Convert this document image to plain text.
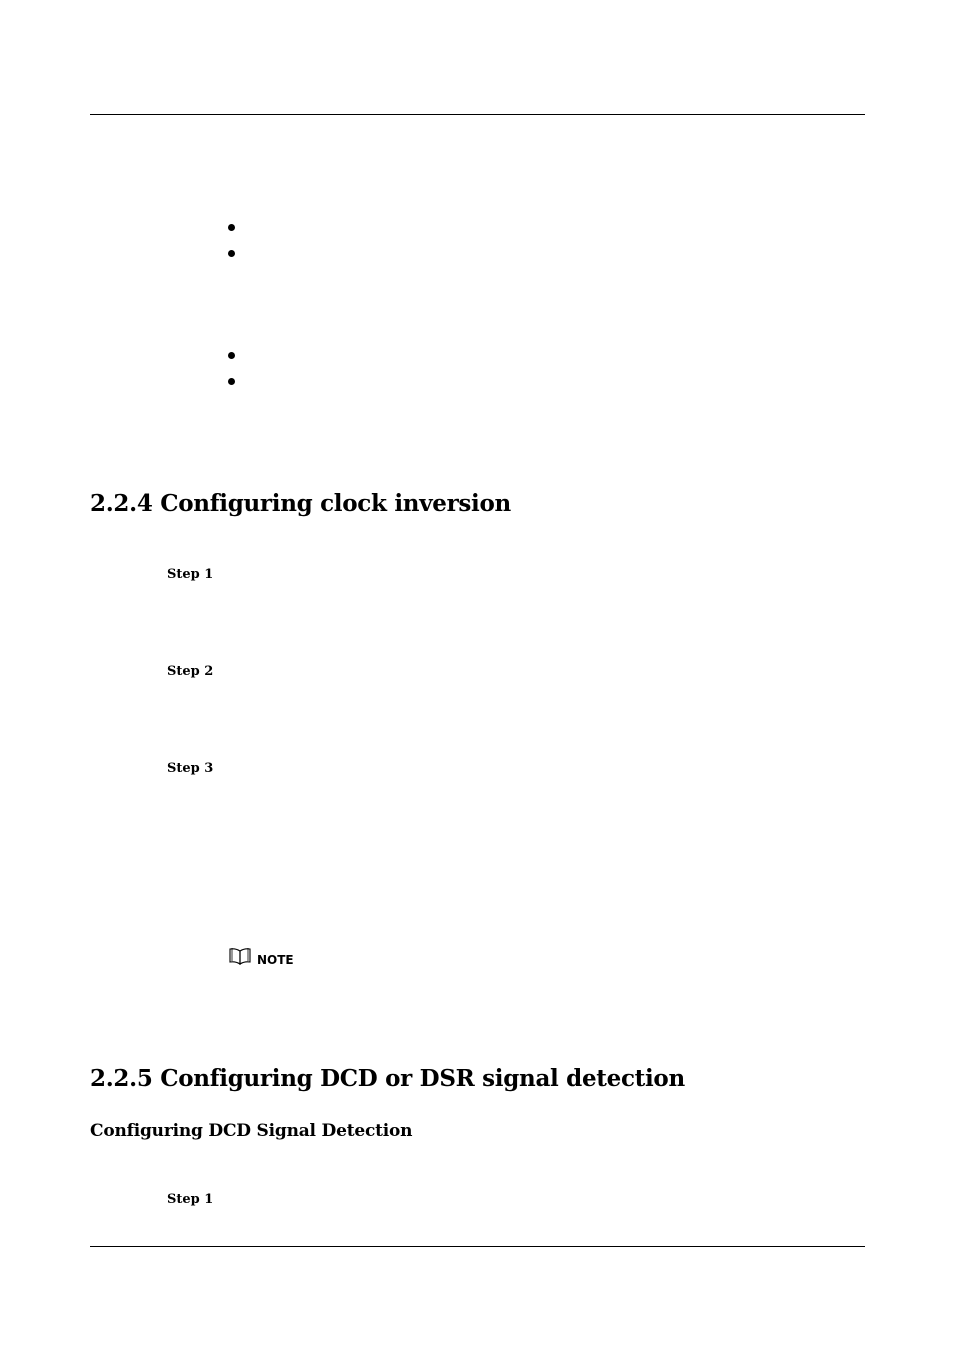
2.2.4 Configuring clock inversion
Step 1
Step 2
Step 3
NOTE
2.2.5 Configuring DCD or DSR signal detection
Configuring DCD Signal Detection
Step 1
